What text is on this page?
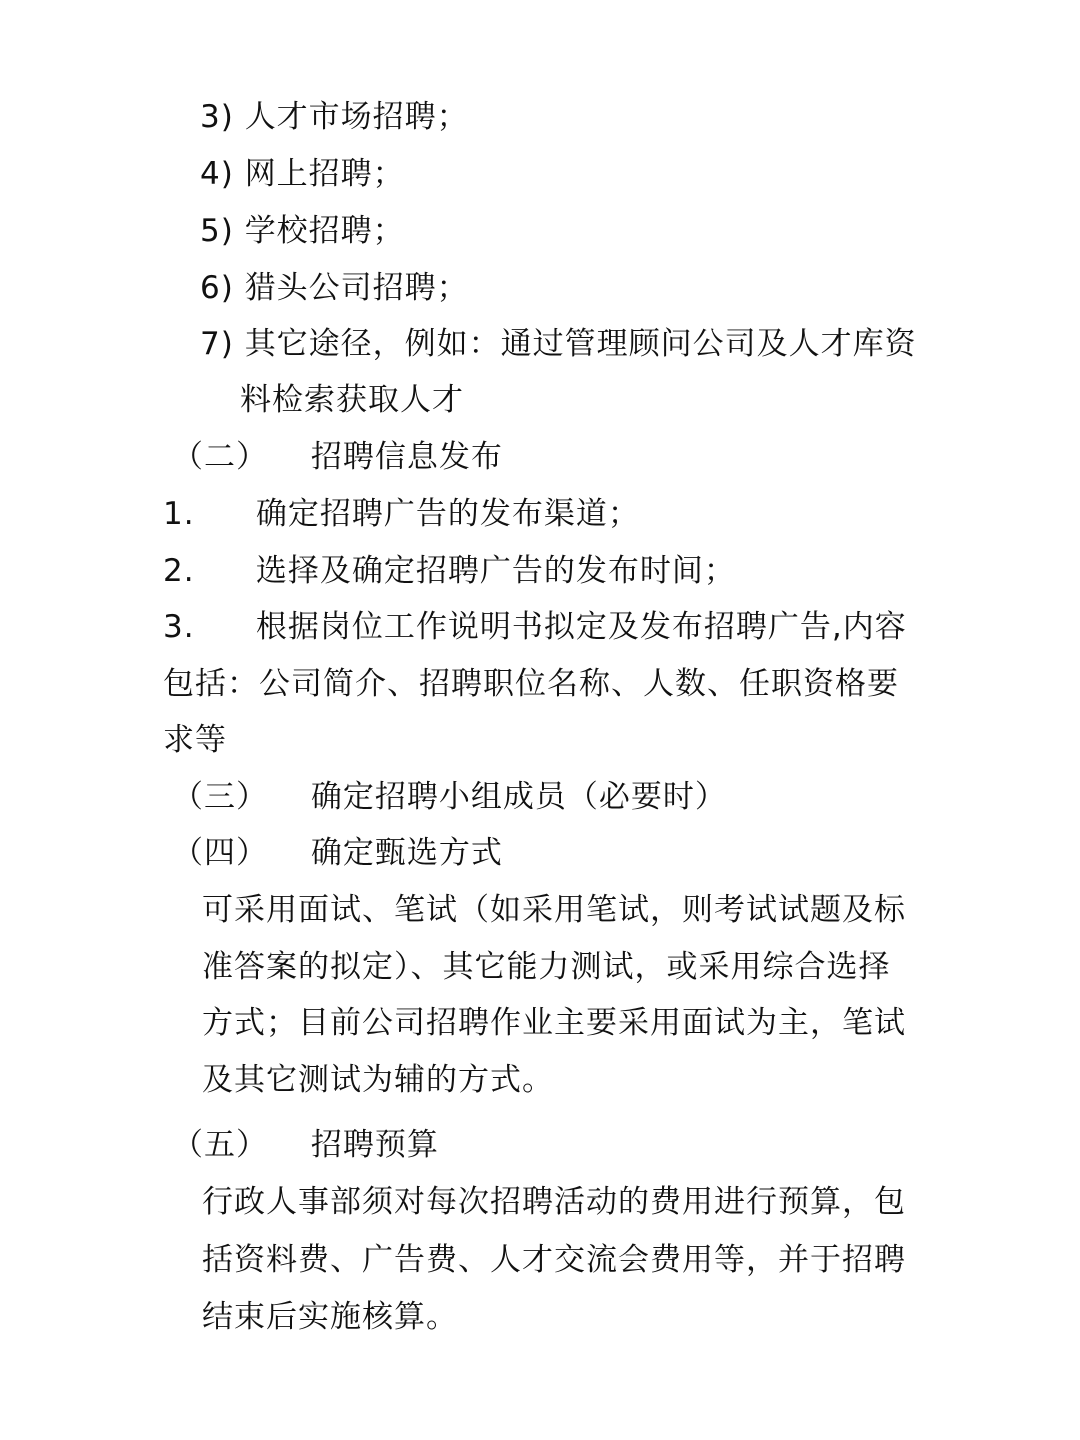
3) 人才市场招聘；
4) 网上招聘；
5) 学校招聘；
6) 猎头公司招聘；
7) 其它途径，例如：通过管理顾问公司及人才库资
料检索获取人才
（二） 招聘信息发布
1. 确定招聘广告的发布渠道；
2. 选择及确定招聘广告的发布时间；
3. 根据岗位工作说明书拟定及发布招聘广告,内容
包括：公司简介、招聘职位名称、人数、任职资格要
求等
（三） 确定招聘小组成员（必要时）
（四） 确定甄选方式
可采用面试、笔试（如采用笔试，则考试试题及标
准答案的拟定）、其它能力测试，或采用综合选择
方式；目前公司招聘作业主要采用面试为主，笔试
及其它测试为辅的方式。
（五） 招聘预算
行政人事部须对每次招聘活动的费用进行预算，包
括资料费、广告费、人才交流会费用等，并于招聘
结束后实施核算。
